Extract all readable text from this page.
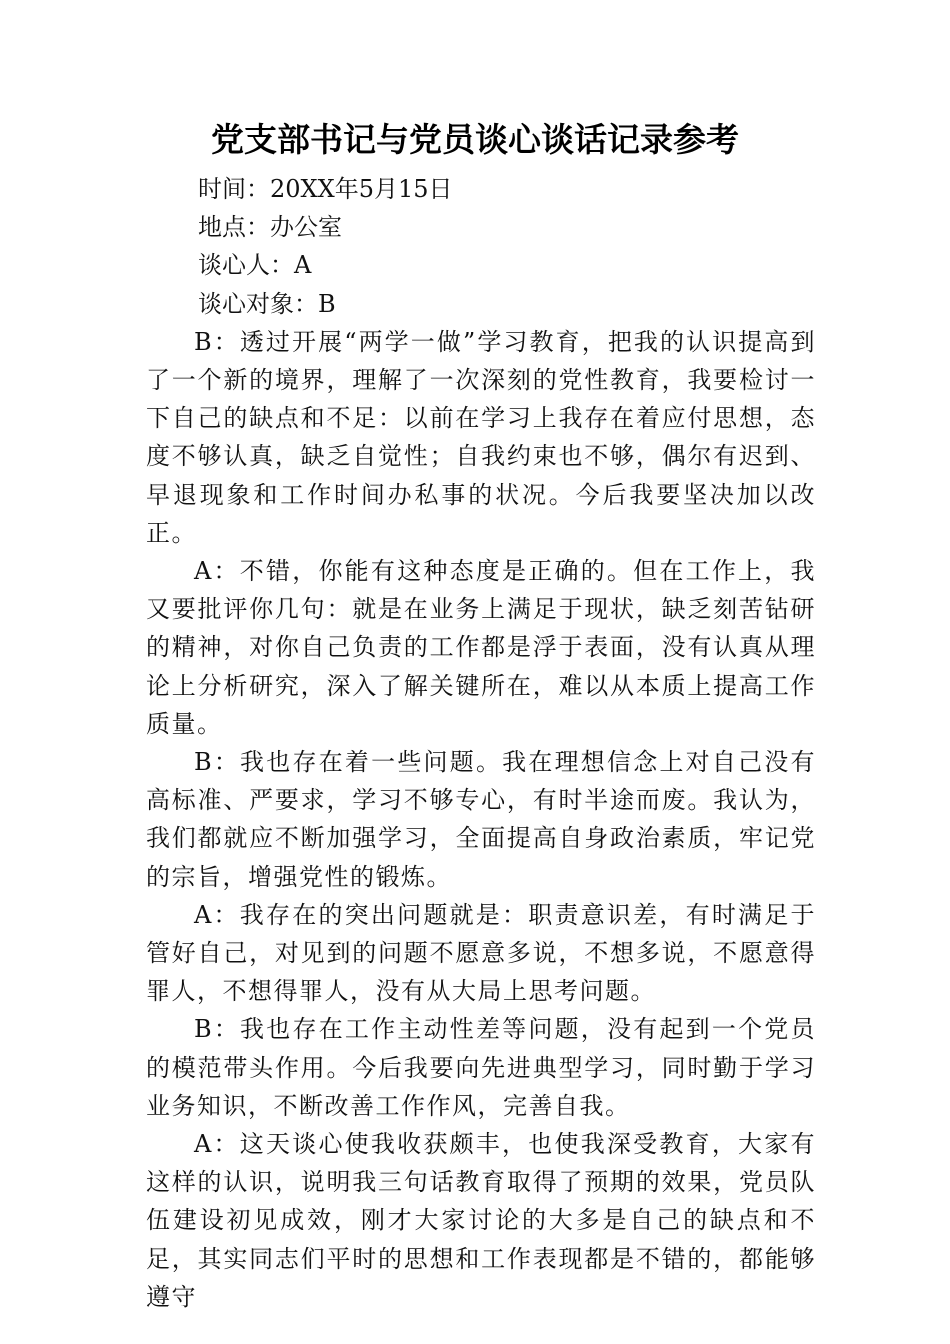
党支部书记与党员谈心谈话记录参考

时间：20XX年5月15日

地点：办公室

谈心人：A

谈心对象：B

B：透过开展“两学一做”学习教育，把我的认识提高到了一个新的境界，理解了一次深刻的党性教育，我要检讨一下自己的缺点和不足：以前在学习上我存在着应付思想，态度不够认真，缺乏自觉性；自我约束也不够，偶尔有迟到、早退现象和工作时间办私事的状况。今后我要坚决加以改正。

A：不错，你能有这种态度是正确的。但在工作上，我又要批评你几句：就是在业务上满足于现状，缺乏刻苦钻研的精神，对你自己负责的工作都是浮于表面，没有认真从理论上分析研究，深入了解关键所在，难以从本质上提高工作质量。

B：我也存在着一些问题。我在理想信念上对自己没有高标准、严要求，学习不够专心，有时半途而废。我认为，我们都就应不断加强学习，全面提高自身政治素质，牢记党的宗旨，增强党性的锻炼。

A：我存在的突出问题就是：职责意识差，有时满足于管好自己，对见到的问题不愿意多说，不想多说，不愿意得罪人，不想得罪人，没有从大局上思考问题。

B：我也存在工作主动性差等问题，没有起到一个党员的模范带头作用。今后我要向先进典型学习，同时勤于学习业务知识，不断改善工作作风，完善自我。

A：这天谈心使我收获颇丰，也使我深受教育，大家有这样的认识，说明我三句话教育取得了预期的效果，党员队伍建设初见成效，刚才大家讨论的大多是自己的缺点和不足，其实同志们平时的思想和工作表现都是不错的，都能够遵守
